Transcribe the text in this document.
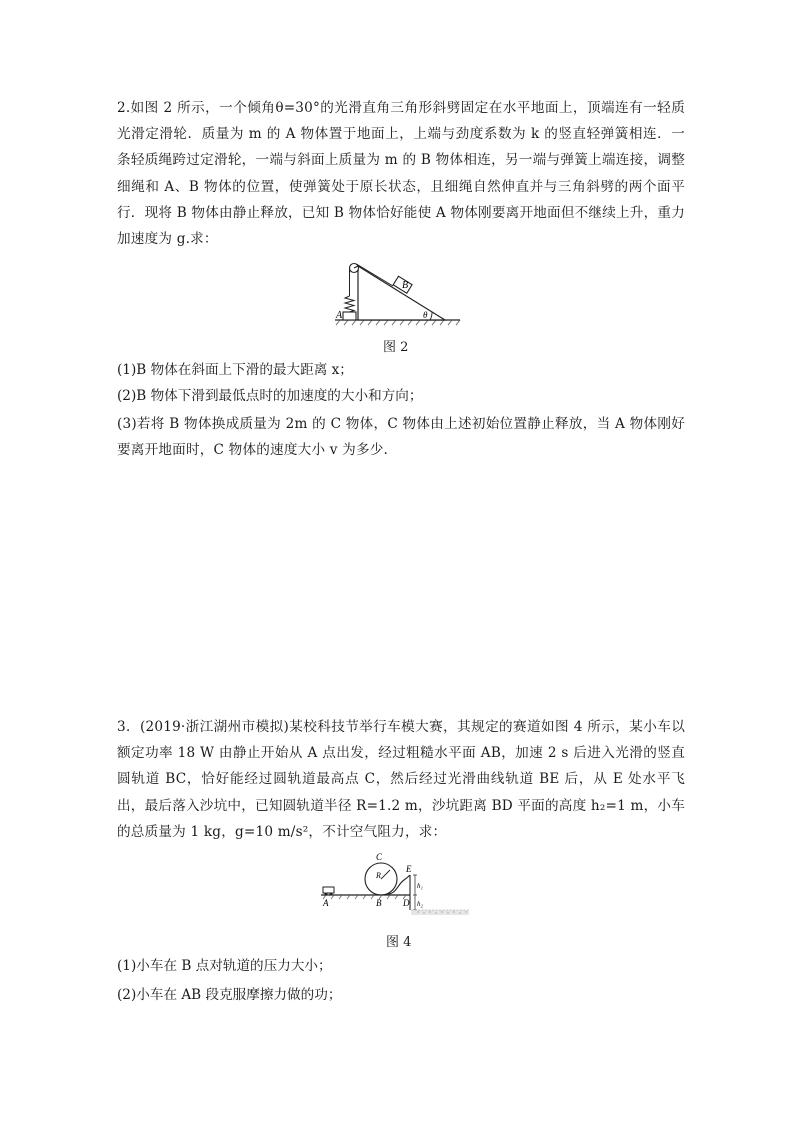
2.如图 2 所示，一个倾角θ=30°的光滑直角三角形斜劈固定在水平地面上，顶端连有一轻质光滑定滑轮．质量为 m 的 A 物体置于地面上，上端与劲度系数为 k 的竖直轻弹簧相连．一条轻质绳跨过定滑轮，一端与斜面上质量为 m 的 B 物体相连，另一端与弹簧上端连接，调整细绳和 A、B 物体的位置，使弹簧处于原长状态，且细绳自然伸直并与三角斜劈的两个面平行．现将 B 物体由静止释放，已知 B 物体恰好能使 A 物体刚要离开地面但不继续上升，重力加速度为 g.求：
A
B
θ
图 2
(1)B 物体在斜面上下滑的最大距离 x；
(2)B 物体下滑到最低点时的加速度的大小和方向；
(3)若将 B 物体换成质量为 2m 的 C 物体，C 物体由上述初始位置静止释放，当 A 物体刚好要离开地面时，C 物体的速度大小 v 为多少.
3．(2019·浙江湖州市模拟)某校科技节举行车模大赛，其规定的赛道如图 4 所示，某小车以额定功率 18 W 由静止开始从 A 点出发，经过粗糙水平面 AB，加速 2 s 后进入光滑的竖直圆轨道 BC，恰好能经过圆轨道最高点 C，然后经过光滑曲线轨道 BE 后，从 E 处水平飞出，最后落入沙坑中，已知圆轨道半径 R=1.2 m，沙坑距离 BD 平面的高度 h₂=1 m，小车的总质量为 1 kg，g=10 m/s²，不计空气阻力，求：
A	B
C
D
E
R
h₁
h₂
图 4
(1)小车在 B 点对轨道的压力大小；
(2)小车在 AB 段克服摩擦力做的功；
